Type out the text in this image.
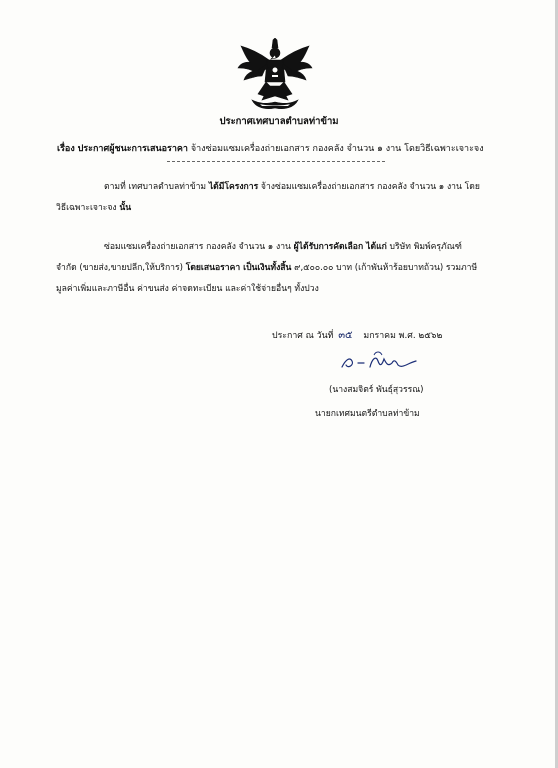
ประกาศเทศบาลตำบลท่าข้าม
เรื่อง ประกาศผู้ชนะการเสนอราคา จ้างซ่อมแซมเครื่องถ่ายเอกสาร กองคลัง จำนวน ๑ งาน โดยวิธีเฉพาะเจาะจง
ตามที่ เทศบาลตำบลท่าข้าม ได้มีโครงการ จ้างซ่อมแซมเครื่องถ่ายเอกสาร กองคลัง จำนวน ๑ งาน โดย
วิธีเฉพาะเจาะจง นั้น
ซ่อมแซมเครื่องถ่ายเอกสาร กองคลัง จำนวน ๑ งาน ผู้ได้รับการคัดเลือก ได้แก่ บริษัท พิมพ์ครุภัณฑ์
จำกัด (ขายส่ง,ขายปลีก,ให้บริการ) โดยเสนอราคา เป็นเงินทั้งสิ้น ๙,๕๐๐.๐๐ บาท (เก้าพันห้าร้อยบาทถ้วน) รวมภาษี
มูลค่าเพิ่มและภาษีอื่น ค่าขนส่ง ค่าจดทะเบียน และค่าใช้จ่ายอื่นๆ ทั้งปวง
ประกาศ ณ วันที่ ๓๕ มกราคม พ.ศ. ๒๕๖๒
(นางสมจิตร์ พันธุ์สุวรรณ)
นายกเทศมนตรีตำบลท่าข้าม
